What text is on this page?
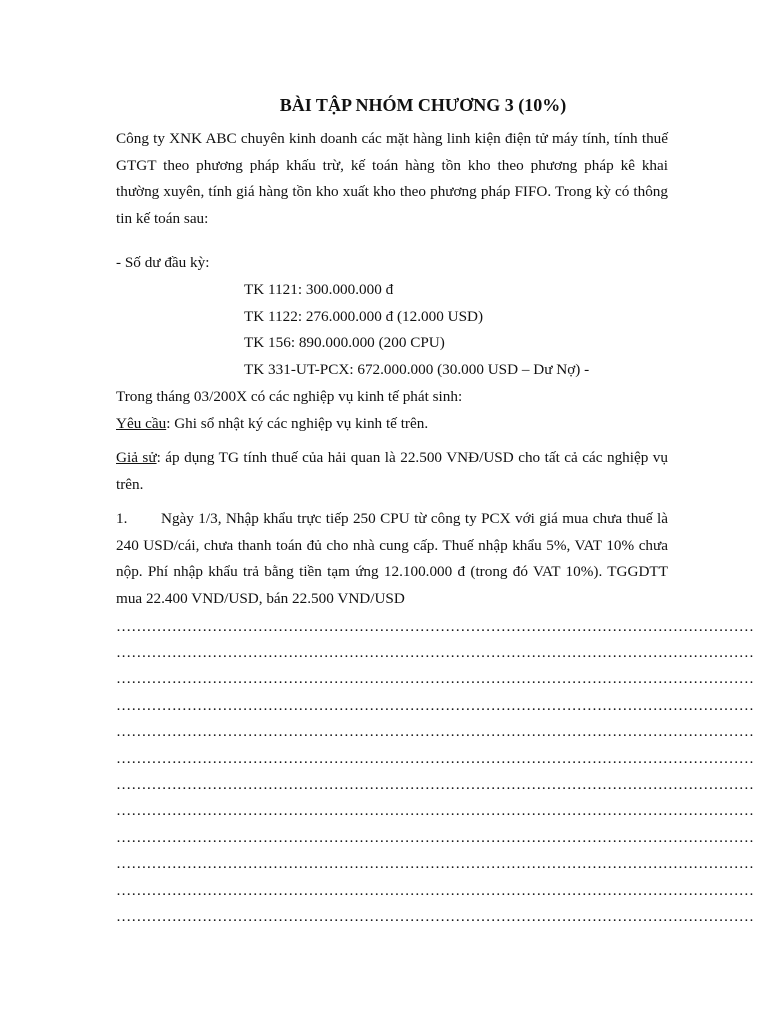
BÀI TẬP NHÓM CHƯƠNG 3 (10%)
Công ty XNK ABC chuyên kinh doanh các mặt hàng linh kiện điện tử máy tính, tính thuế GTGT theo phương pháp khấu trừ, kế toán hàng tồn kho theo phương pháp kê khai thường xuyên, tính giá hàng tồn kho xuất kho theo phương pháp FIFO. Trong kỳ có thông tin kế toán sau:
- Số dư đầu kỳ:
TK 1121: 300.000.000 đ
TK 1122: 276.000.000 đ (12.000 USD)
TK 156: 890.000.000 (200 CPU)
TK 331-UT-PCX: 672.000.000 (30.000 USD – Dư Nợ) -
Trong tháng 03/200X có các nghiệp vụ kinh tế phát sinh:
Yêu cầu: Ghi sổ nhật ký các nghiệp vụ kinh tế trên.
Giả sử: áp dụng TG tính thuế của hải quan là 22.500 VNĐ/USD cho tất cả các nghiệp vụ trên.
1. Ngày 1/3, Nhập khẩu trực tiếp 250 CPU từ công ty PCX với giá mua chưa thuế là 240 USD/cái, chưa thanh toán đủ cho nhà cung cấp. Thuế nhập khẩu 5%, VAT 10% chưa nộp. Phí nhập khẩu trả bằng tiền tạm ứng 12.100.000 đ (trong đó VAT 10%). TGGDTT mua 22.400 VND/USD, bán 22.500 VND/USD
………………………………………………………………………………………………………………
………………………………………………………………………………………………………………
………………………………………………………………………………………………………………
………………………………………………………………………………………………………………
………………………………………………………………………………………………………………
………………………………………………………………………………………………………………
………………………………………………………………………………………………………………
………………………………………………………………………………………………………………
………………………………………………………………………………………………………………
………………………………………………………………………………………………………………
………………………………………………………………………………………………………………
………………………………………………………………………………………………………………
